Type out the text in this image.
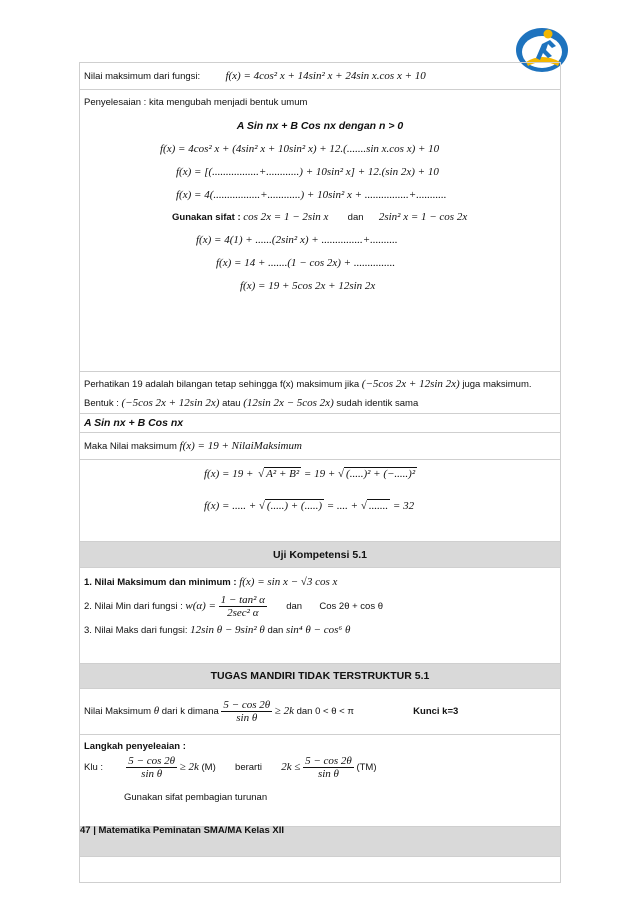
Nilai maksimum dari fungsi: f(x) = 4cos² x + 14sin² x + 24sin x.cos x + 10

Penyelesaian : kita mengubah menjadi bentuk umum
A Sin nx + B Cos nx dengan n > 0
f(x) = 4cos² x + (4sin² x + 10sin² x) + 12.(.......sin x.cos x) + 10
f(x) = [(.................+............) + 10sin² x] + 12.(sin 2x) + 10
f(x) = 4(.................+............) + 10sin² x + ................+...........
Gunakan sifat : cos 2x = 1 − 2sin x dan 2sin² x = 1 − cos 2x
f(x) = 4(1) + ......(2sin² x) + ...............+..........
f(x) = 14 + .......(1 − cos 2x) + ...............
f(x) = 19 + 5cos 2x + 12sin 2x

Perhatikan 19 adalah bilangan tetap sehingga f(x) maksimum jika (−5cos 2x + 12sin 2x) juga maksimum. Bentuk : (−5cos 2x + 12sin 2x) atau (12sin 2x − 5cos 2x) sudah identik sama
A Sin nx + B Cos nx
Maka Nilai maksimum f(x) = 19 + NilaiMaksimum

f(x) = 19 + √ A² + B² = 19 + √ (.....)² + (−.....)²
f(x) = ..... + √ (.....) + (.....) = .... + √ ....... = 32

Uji Kompetensi 5.1

1. Nilai Maksimum dan minimum : f(x) = sin x − √3 cos x
2. Nilai Min dari fungsi : $w(\alpha) = \frac{\text{1 − tan² α}}{\text{2sec² α}}$ dan Cos 2θ + cos θ
3. Nilai Maks dari fungsi: 12sin θ − 9sin² θ dan sin⁴ θ − cos⁶ θ

TUGAS MANDIRI TIDAK TERSTRUKTUR 5.1
Nilai Maksimum θ dari k dimana $\frac{5 - \cos 2\theta}{\text{sin θ}} \ge 2k$ dan 0 < θ < π	Kunci k=3

Langkah penyeleaian :
Klu : $\frac{5 - \cos 2\theta}{\text{sin θ}} \ge 2k$ (M) berarti $2k \le \frac{5 - \cos 2\theta}{\text{sin θ}} (TM)$
Gunakan sifat pembagian turunan

47 | Matematika Peminatan SMA/MA Kelas XII
